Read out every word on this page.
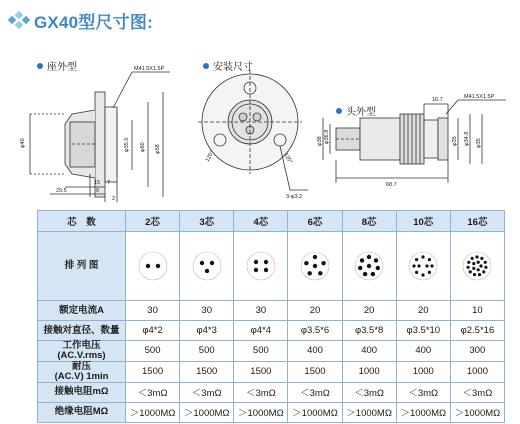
GX40型尺寸图:
座外型	安装尺寸
头外型
M41.5X1.5P
φ40	φ35.5 φ60 φ58
29.5
15
9
2
7
120°	120°
3-φ3.2
16.7	M41.5X1.5P
φ38 φ36.8	φ35 φ34.8 φ35
68.7
芯　数	2芯	3芯	4芯	6芯	8芯	10芯	16芯
排 列 图	

额定电流A	30	30	30	20	20	20	10
接触对直径、数量	φ4*2	φ4*3	φ4*4	φ3.5*6	φ3.5*8	φ3.5*10	φ2.5*16
工作电压
(AC.V.rms)	500	500	500	400	400	400	300
耐压
(AC.V) 1min	1500	1500	1500	1500	1000	1000	1000
接触电阻mΩ	＜3mΩ	＜3mΩ	＜3mΩ	＜3mΩ	＜3mΩ	＜3mΩ	＜3mΩ
绝缘电阻MΩ	＞1000MΩ	＞1000MΩ	＞1000MΩ	＞1000MΩ	＞1000MΩ	＞1000MΩ	＞1000MΩ
